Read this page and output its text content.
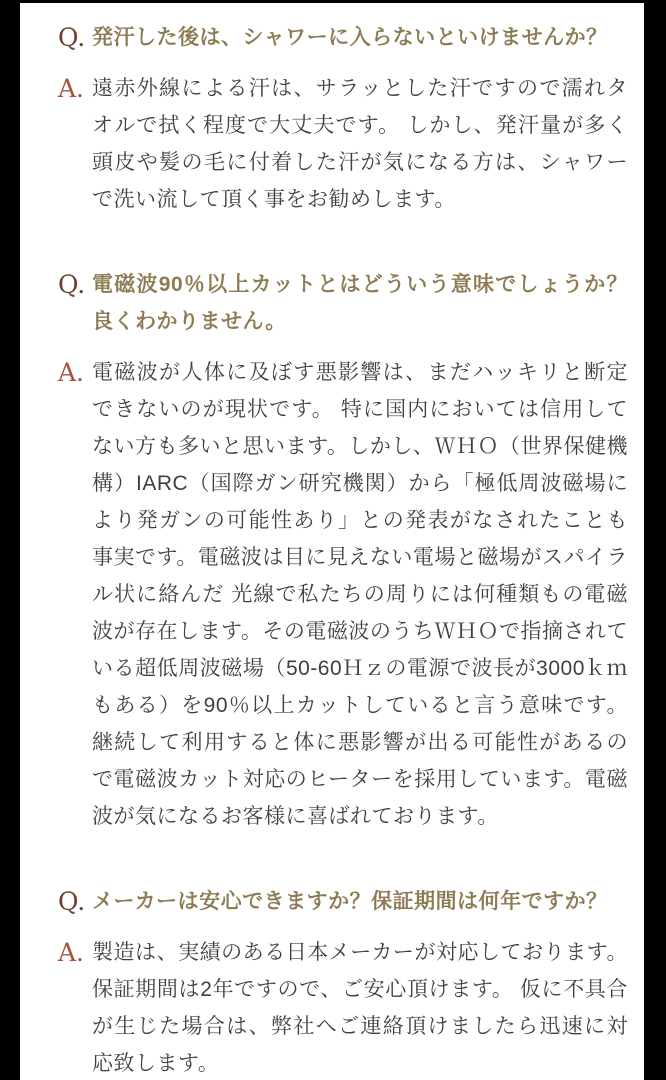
Q. 発汗した後は、シャワーに入らないといけませんか？

A. 遠赤外線による汗は、サラッとした汗ですので濡れタオルで拭く程度で大丈夫です。 しかし、発汗量が多く頭皮や髪の毛に付着した汗が気になる方は、シャワーで洗い流して頂く事をお勧めします。

Q. 電磁波90％以上カットとはどういう意味でしょうか？良くわかりません。

A. 電磁波が人体に及ぼす悪影響は、まだハッキリと断定できないのが現状です。 特に国内においては信用してない方も多いと思います。しかし、ＷＨＯ（世界保健機構）IARC（国際ガン研究機関）から「極低周波磁場により発ガンの可能性あり」との発表がなされたことも事実です。電磁波は目に見えない電場と磁場がスパイラル状に絡んだ 光線で私たちの周りには何種類もの電磁波が存在します。その電磁波のうちＷＨＯで指摘されている超低周波磁場（50-60Ｈｚの電源で波長が3000ｋｍもある）を90％以上カットしていると言う意味です。継続して利用すると体に悪影響が出る可能性があるので電磁波カット対応のヒーターを採用しています。電磁波が気になるお客様に喜ばれております。

Q. メーカーは安心できますか？保証期間は何年ですか？

A. 製造は、実績のある日本メーカーが対応しております。 保証期間は2年ですので、ご安心頂けます。 仮に不具合が生じた場合は、弊社へご連絡頂けましたら迅速に対応致します。
